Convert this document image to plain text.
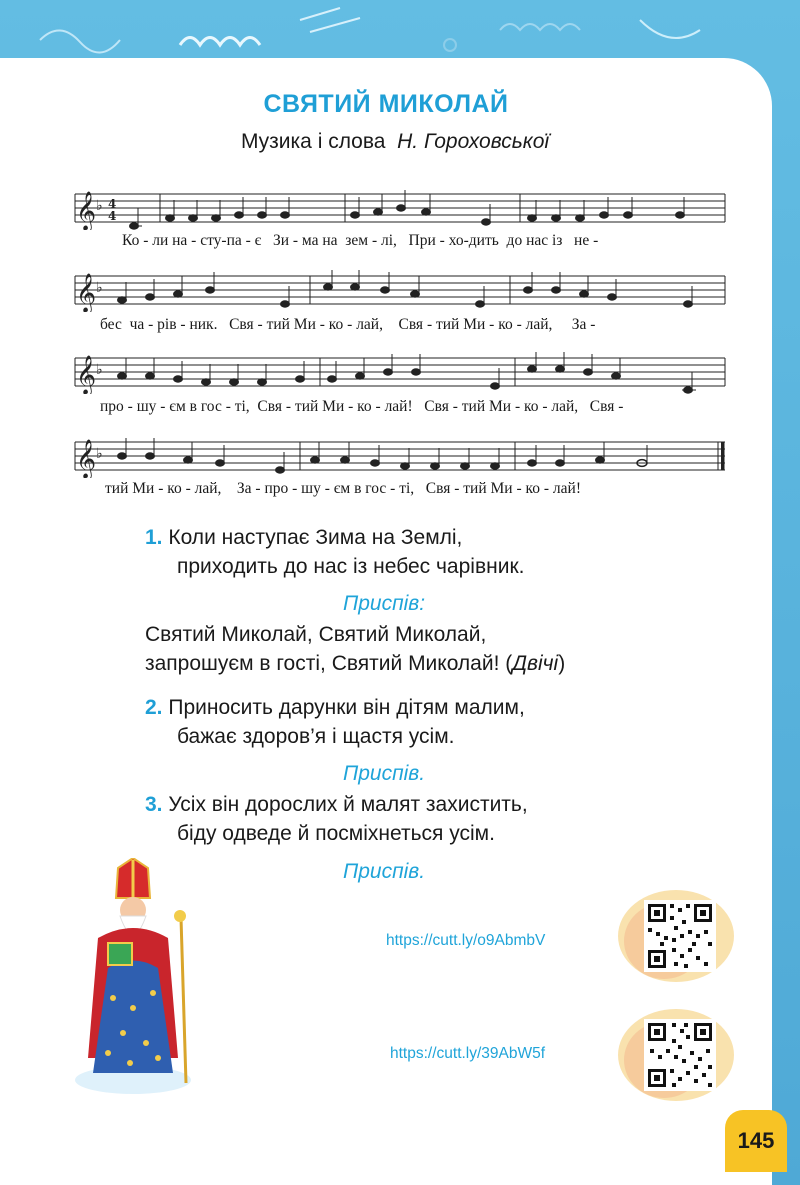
СВЯТИЙ МИКОЛАЙ
Музика і слова Н. Гороховської
𝄞 ♭ 4
4
Ко - ли на - сту-па - є   Зи - ма на  зем - лі,   При - хо-дить  до нас із   не -
𝄞 ♭
бес  ча - рів - ник.   Свя - тий Ми - ко - лай,    Свя - тий Ми - ко - лай,     За -
𝄞 ♭
про - шу - єм в гос - ті,  Свя - тий Ми - ко - лай!   Свя - тий Ми - ко - лай,   Свя -
𝄞 ♭
тий Ми - ко - лай,    За - про - шу - єм в гос - ті,   Свя - тий Ми - ко - лай!
1. Коли наступає Зима на Землі,
приходить до нас із небес чарівник.
Приспів:
Святий Миколай, Святий Миколай,
запрошуєм в гості, Святий Миколай! (Двічі)
2. Приносить дарунки він дітям малим,
бажає здоров’я і щастя усім.
Приспів.
3. Усіх він дорослих й малят захистить,
біду одведе й посміхнеться усім.
Приспів.
https://cutt.ly/o9AbmbV
https://cutt.ly/39AbW5f
145
